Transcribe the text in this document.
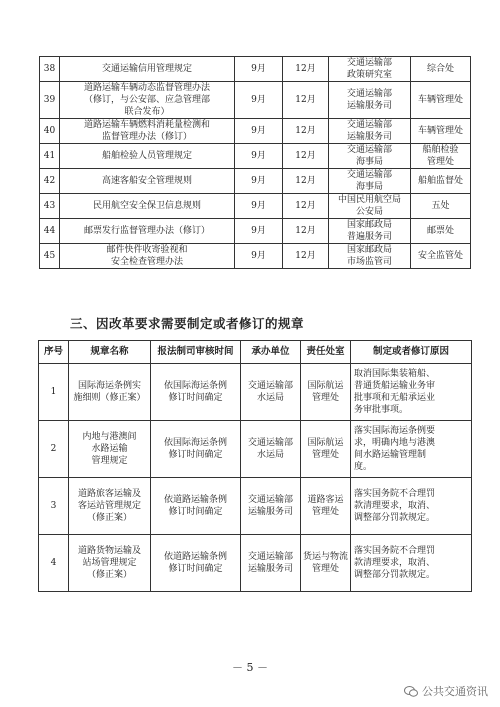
38	交通运输信用管理规定	9月	12月	交通运输部
政策研究室	综合处
39	道路运输车辆动态监督管理办法
（修订，与公安部、应急管理部
联合发布）	9月	12月	交通运输部
运输服务司	车辆管理处
40	道路运输车辆燃料消耗量检测和
监督管理办法（修订）	9月	12月	交通运输部
运输服务司	车辆管理处
41	船舶检验人员管理规定	9月	12月	交通运输部
海事局	船舶检验
管理处
42	高速客船安全管理规则	9月	12月	交通运输部
海事局	船舶监督处
43	民用航空安全保卫信息规则	9月	12月	中国民用航空局
公安局	五处
44	邮票发行监督管理办法（修订）	9月	12月	国家邮政局
普遍服务司	邮票处
45	邮件快件收寄验视和
安全检查管理办法	9月	12月	国家邮政局
市场监管司	安全监管处
三、因改革要求需要制定或者修订的规章
序号	规章名称	报法制司审核时间	承办单位	责任处室	制定或者修订原因
1	国际海运条例实
施细则（修正案）	依国际海运条例
修订时间确定	交通运输部
水运局	国际航运
管理处	取消国际集装箱船、
普通货船运输业务审
批事项和无船承运业
务审批事项。
2	内地与港澳间
水路运输
管理规定	依国际海运条例
修订时间确定	交通运输部
水运局	国际航运
管理处	落实国际海运条例要
求，明确内地与港澳
间水路运输管理制
度。
3	道路旅客运输及
客运站管理规定
（修正案）	依道路运输条例
修订时间确定	交通运输部
运输服务司	道路客运
管理处	落实国务院不合理罚
款清理要求，取消、
调整部分罚款规定。
4	道路货物运输及
站场管理规定
（修正案）	依道路运输条例
修订时间确定	交通运输部
运输服务司	货运与物流
管理处	落实国务院不合理罚
款清理要求，取消、
调整部分罚款规定。
－ 5 －
公共交通资讯
